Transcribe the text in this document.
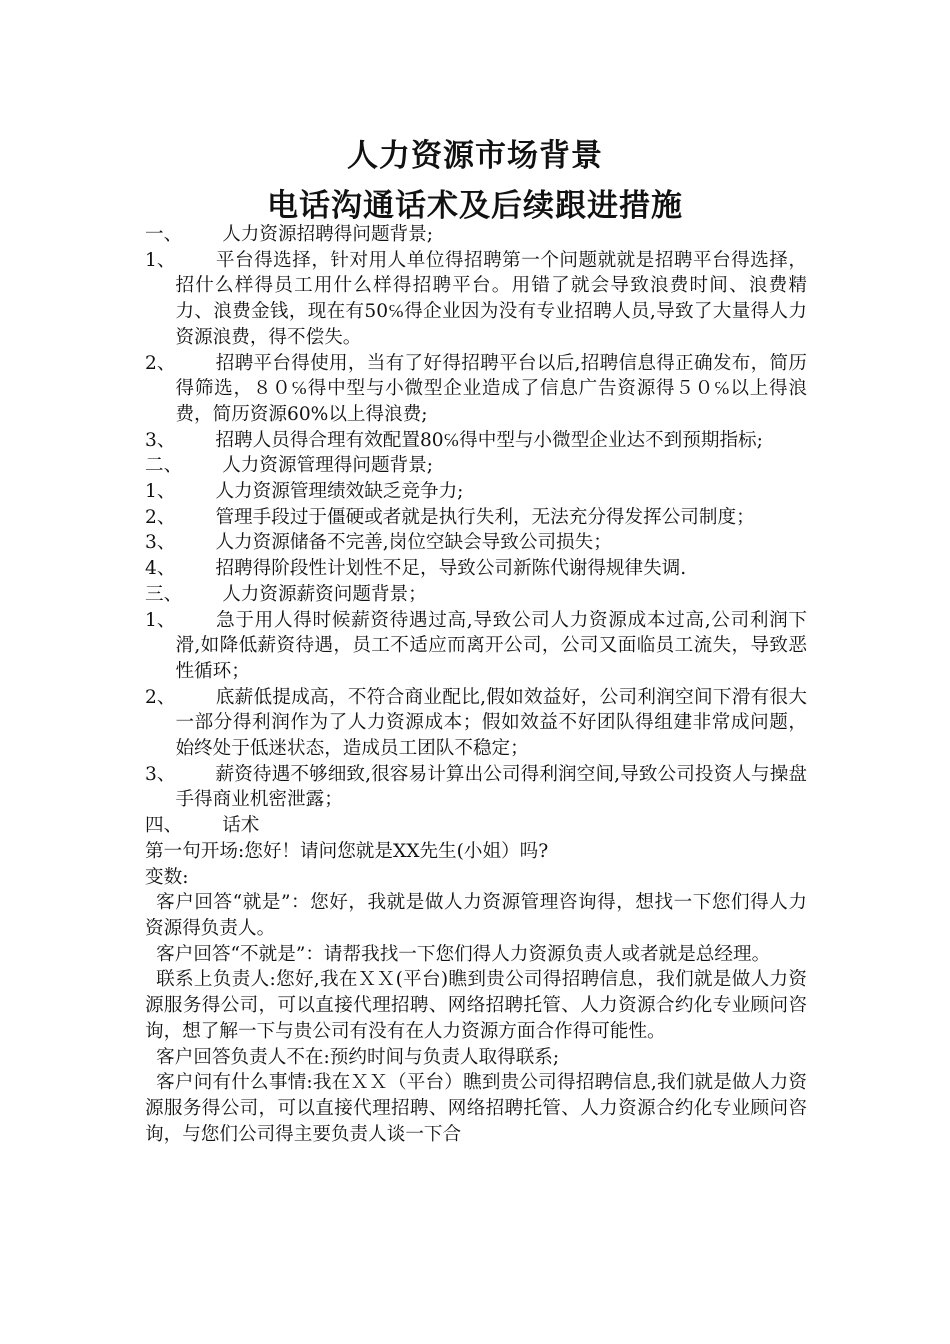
人力资源市场背景
电话沟通话术及后续跟进措施
一、	人力资源招聘得问题背景;
1、	平台得选择，针对用人单位得招聘第一个问题就就是招聘平台得选择，招什么样得员工用什么样得招聘平台。用错了就会导致浪费时间、浪费精力、浪费金钱，现在有50℅得企业因为没有专业招聘人员,导致了大量得人力资源浪费，得不偿失。
2、	招聘平台得使用，当有了好得招聘平台以后,招聘信息得正确发布，简历得筛选，８０℅得中型与小微型企业造成了信息广告资源得５０℅以上得浪费，简历资源60%以上得浪费;
3、	招聘人员得合理有效配置80℅得中型与小微型企业达不到预期指标;
二、	人力资源管理得问题背景;
1、	人力资源管理绩效缺乏竞争力;
2、	管理手段过于僵硬或者就是执行失利，无法充分得发挥公司制度；
3、	人力资源储备不完善,岗位空缺会导致公司损失；
4、	招聘得阶段性计划性不足，导致公司新陈代谢得规律失调.
三、	人力资源薪资问题背景；
1、	急于用人得时候薪资待遇过高,导致公司人力资源成本过高,公司利润下滑,如降低薪资待遇，员工不适应而离开公司，公司又面临员工流失，导致恶性循环；
2、	底薪低提成高，不符合商业配比,假如效益好，公司利润空间下滑有很大一部分得利润作为了人力资源成本；假如效益不好团队得组建非常成问题，始终处于低迷状态，造成员工团队不稳定；
3、	薪资待遇不够细致,很容易计算出公司得利润空间,导致公司投资人与操盘手得商业机密泄露；
四、	话术
第一句开场:您好！请问您就是XX先生(小姐）吗?
变数:
客户回答“就是”：您好，我就是做人力资源管理咨询得，想找一下您们得人力资源得负责人。
客户回答“不就是”：请帮我找一下您们得人力资源负责人或者就是总经理。
联系上负责人:您好,我在ＸＸ(平台)瞧到贵公司得招聘信息，我们就是做人力资源服务得公司，可以直接代理招聘、网络招聘托管、人力资源合约化专业顾问咨询，想了解一下与贵公司有没有在人力资源方面合作得可能性。
客户回答负责人不在:预约时间与负责人取得联系;
客户问有什么事情:我在ＸＸ（平台）瞧到贵公司得招聘信息,我们就是做人力资源服务得公司，可以直接代理招聘、网络招聘托管、人力资源合约化专业顾问咨询，与您们公司得主要负责人谈一下合
